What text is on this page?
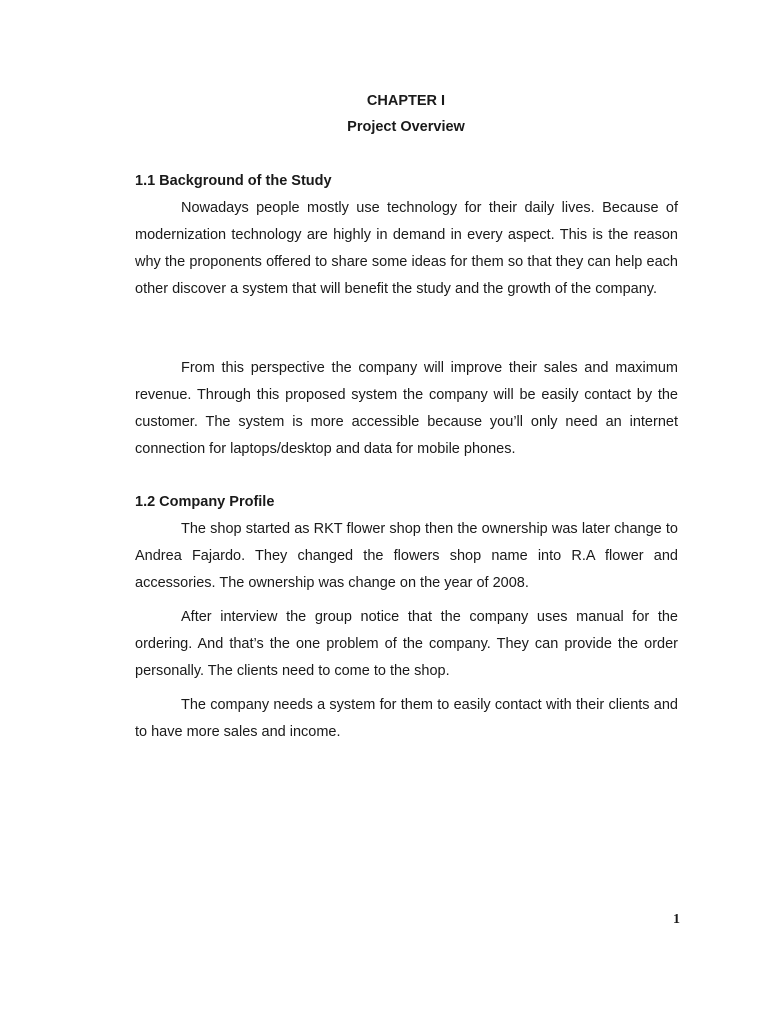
CHAPTER I
Project Overview
1.1 Background of the Study

Nowadays people mostly use technology for their daily lives. Because of modernization technology are highly in demand in every aspect. This is the reason why the proponents offered to share some ideas for them so that they can help each other discover a system that will benefit the study and the growth of the company.

From this perspective the company will improve their sales and maximum revenue. Through this proposed system the company will be easily contact by the customer. The system is more accessible because you’ll only need an internet connection for laptops/desktop and data for mobile phones.

1.2 Company Profile

The shop started as RKT flower shop then the ownership was later change to Andrea Fajardo. They changed the flowers shop name into R.A flower and accessories. The ownership was change on the year of 2008.

After interview the group notice that the company uses manual for the ordering. And that’s the one problem of the company. They can provide the order personally. The clients need to come to the shop.

The company needs a system for them to easily contact with their clients and to have more sales and income.

1
